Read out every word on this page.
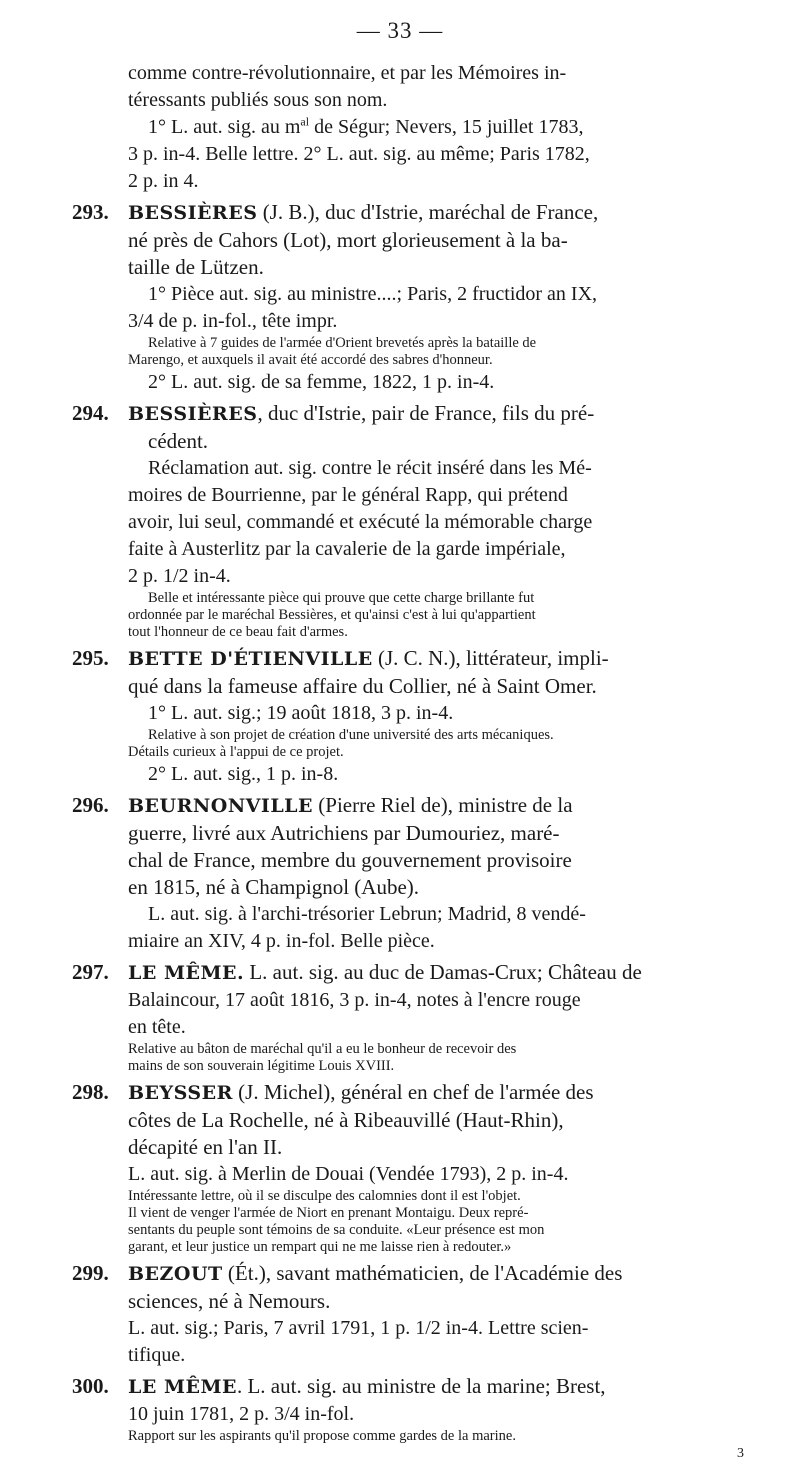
— 33 —
comme contre-révolutionnaire, et par les Mémoires in-
téressants publiés sous son nom.
1° L. aut. sig. au $m^{al}$ de Ségur; Nevers, 15 juillet 1783,
3 p. in-4. Belle lettre. 2° L. aut. sig. au même; Paris 1782,
2 p. in 4.
293.	BESSIÈRES (J. B.), duc d'Istrie, maréchal de France,
né près de Cahors (Lot), mort glorieusement à la ba-
taille de Lützen.
1° Pièce aut. sig. au ministre....; Paris, 2 fructidor an IX,
3/4 de p. in-fol., tête impr.
Relative à 7 guides de l'armée d'Orient brevetés après la bataille de
Marengo, et auxquels il avait été accordé des sabres d'honneur.
2° L. aut. sig. de sa femme, 1822, 1 p. in-4.
294.	BESSIÈRES, duc d'Istrie, pair de France, fils du pré-
cédent.
Réclamation aut. sig. contre le récit inséré dans les Mé-
moires de Bourrienne, par le général Rapp, qui prétend
avoir, lui seul, commandé et exécuté la mémorable charge
faite à Austerlitz par la cavalerie de la garde impériale,
2 p. 1/2 in-4.
Belle et intéressante pièce qui prouve que cette charge brillante fut
ordonnée par le maréchal Bessières, et qu'ainsi c'est à lui qu'appartient
tout l'honneur de ce beau fait d'armes.
295.	BETTE D'ÉTIENVILLE (J. C. N.), littérateur, impli-
qué dans la fameuse affaire du Collier, né à Saint Omer.
1° L. aut. sig.; 19 août 1818, 3 p. in-4.
Relative à son projet de création d'une université des arts mécaniques.
Détails curieux à l'appui de ce projet.
2° L. aut. sig., 1 p. in-8.
296.	BEURNONVILLE (Pierre Riel de), ministre de la
guerre, livré aux Autrichiens par Dumouriez, maré-
chal de France, membre du gouvernement provisoire
en 1815, né à Champignol (Aube).
L. aut. sig. à l'archi-trésorier Lebrun; Madrid, 8 vendé-
miaire an XIV, 4 p. in-fol. Belle pièce.
297.	LE MÊME. L. aut. sig. au duc de Damas-Crux; Château de
Balaincour, 17 août 1816, 3 p. in-4, notes à l'encre rouge
en tête.
Relative au bâton de maréchal qu'il a eu le bonheur de recevoir des
mains de son souverain légitime Louis XVIII.
298.	BEYSSER (J. Michel), général en chef de l'armée des
côtes de La Rochelle, né à Ribeauvillé (Haut-Rhin),
décapité en l'an II.
L. aut. sig. à Merlin de Douai (Vendée 1793), 2 p. in-4.
Intéressante lettre, où il se disculpe des calomnies dont il est l'objet.
Il vient de venger l'armée de Niort en prenant Montaigu. Deux repré-
sentants du peuple sont témoins de sa conduite. «Leur présence est mon
garant, et leur justice un rempart qui ne me laisse rien à redouter.»
299.	BEZOUT (Ét.), savant mathématicien, de l'Académie des
sciences, né à Nemours.
L. aut. sig.; Paris, 7 avril 1791, 1 p. 1/2 in-4. Lettre scien-
tifique.
300.	LE MÊME. L. aut. sig. au ministre de la marine; Brest,
10 juin 1781, 2 p. 3/4 in-fol.
Rapport sur les aspirants qu'il propose comme gardes de la marine.
3
